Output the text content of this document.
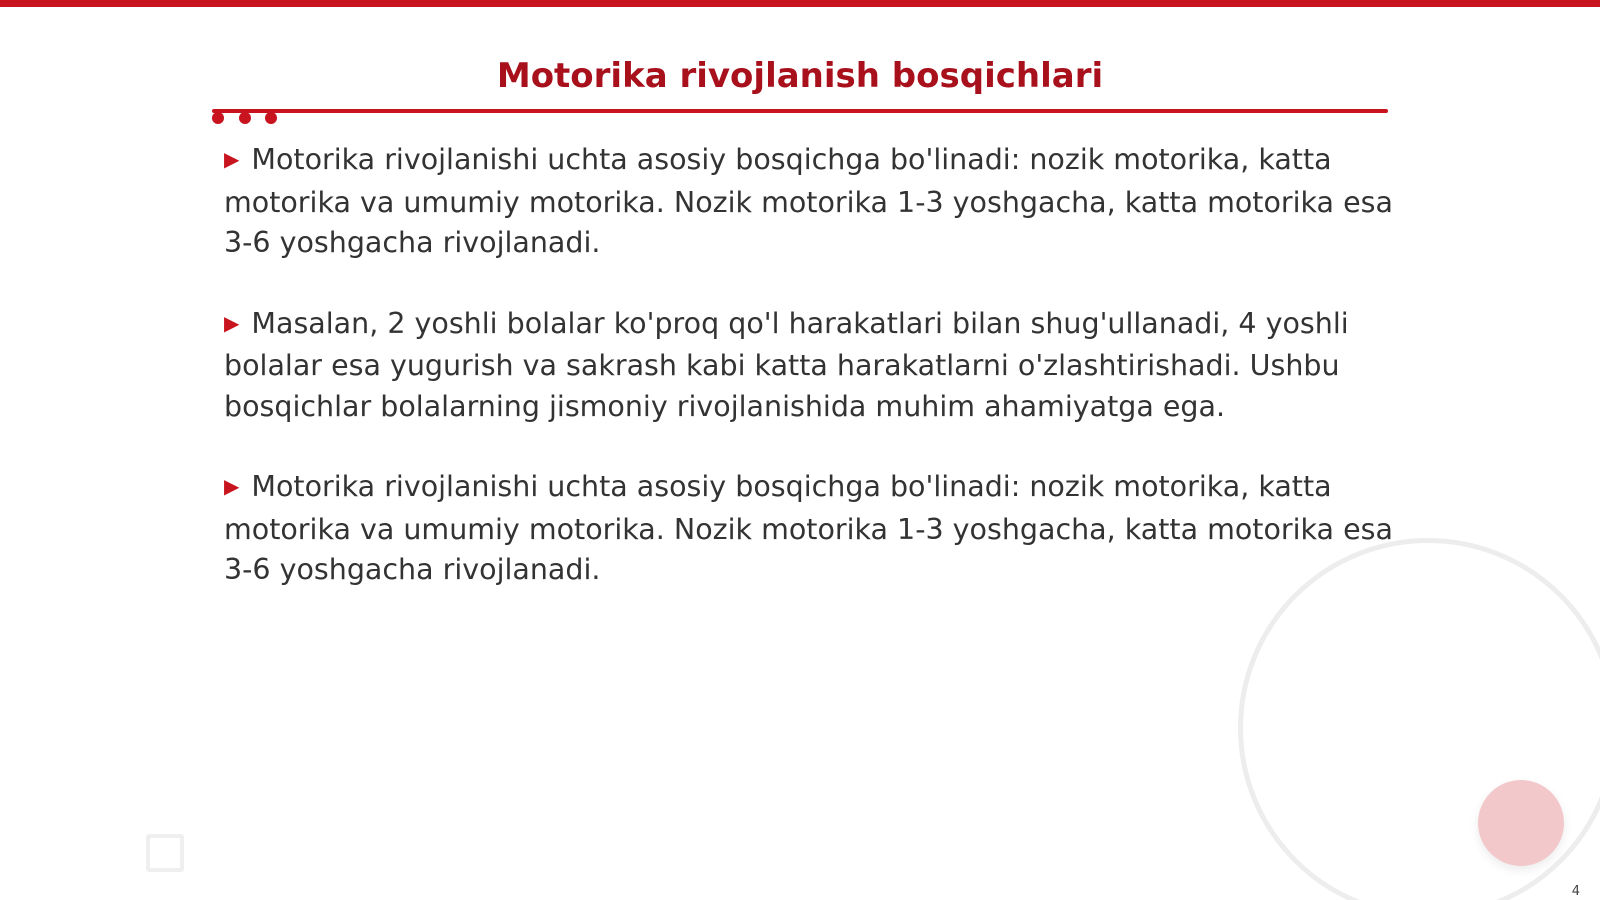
Motorika rivojlanish bosqichlari

▶ Motorika rivojlanishi uchta asosiy bosqichga bo'linadi: nozik motorika, katta motorika va umumiy motorika. Nozik motorika 1-3 yoshgacha, katta motorika esa 3-6 yoshgacha rivojlanadi.

▶ Masalan, 2 yoshli bolalar ko'proq qo'l harakatlari bilan shug'ullanadi, 4 yoshli bolalar esa yugurish va sakrash kabi katta harakatlarni o'zlashtirishadi. Ushbu bosqichlar bolalarning jismoniy rivojlanishida muhim ahamiyatga ega.

▶ Motorika rivojlanishi uchta asosiy bosqichga bo'linadi: nozik motorika, katta motorika va umumiy motorika. Nozik motorika 1-3 yoshgacha, katta motorika esa 3-6 yoshgacha rivojlanadi.

4
